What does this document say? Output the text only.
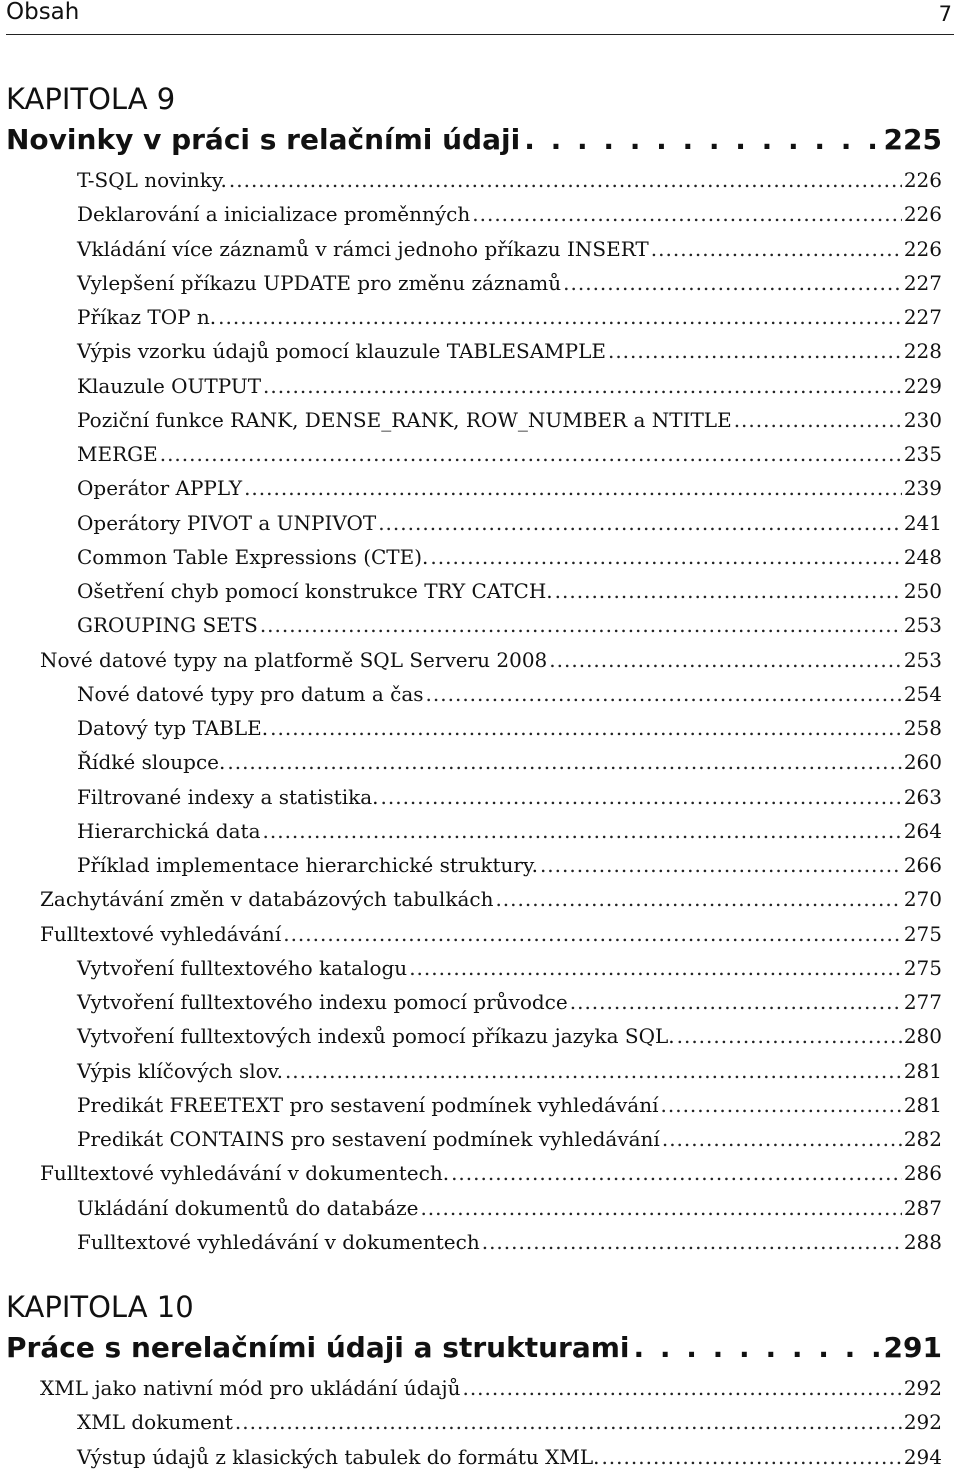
Obsah	7
KAPITOLA 9
Novinky v práci s relačními údaji . . .	225
T-SQL novinky. .....	226
Deklarování a inicializace proměnných .....	226
Vkládání více záznamů v rámci jednoho příkazu INSERT .....	226
Vylepšení příkazu UPDATE pro změnu záznamů .....	227
Příkaz TOP n. .....	227
Výpis vzorku údajů pomocí klauzule TABLESAMPLE .....	228
Klauzule OUTPUT .....	229
Poziční funkce RANK, DENSE_RANK, ROW_NUMBER a NTITLE .....	230
MERGE .....	235
Operátor APPLY .....	239
Operátory PIVOT a UNPIVOT .....	241
Common Table Expressions (CTE). .....	248
Ošetření chyb pomocí konstrukce TRY CATCH. .....	250
GROUPING SETS .....	253
Nové datové typy na platformě SQL Serveru 2008 .....	253
Nové datové typy pro datum a čas .....	254
Datový typ TABLE. .....	258
Řídké sloupce. .....	260
Filtrované indexy a statistika. .....	263
Hierarchická data .....	264
Příklad implementace hierarchické struktury. .....	266
Zachytávání změn v databázových tabulkách .....	270
Fulltextové vyhledávání .....	275
Vytvoření fulltextového katalogu .....	275
Vytvoření fulltextového indexu pomocí průvodce .....	277
Vytvoření fulltextových indexů pomocí příkazu jazyka SQL. .....	280
Výpis klíčových slov. .....	281
Predikát FREETEXT pro sestavení podmínek vyhledávání .....	281
Predikát CONTAINS pro sestavení podmínek vyhledávání .....	282
Fulltextové vyhledávání v dokumentech. .....	286
Ukládání dokumentů do databáze .....	287
Fulltextové vyhledávání v dokumentech .....	288
KAPITOLA 10
Práce s nerelačními údaji a strukturami . . .	291
XML jako nativní mód pro ukládání údajů .....	292
XML dokument .....	292
Výstup údajů z klasických tabulek do formátu XML. .....	294
